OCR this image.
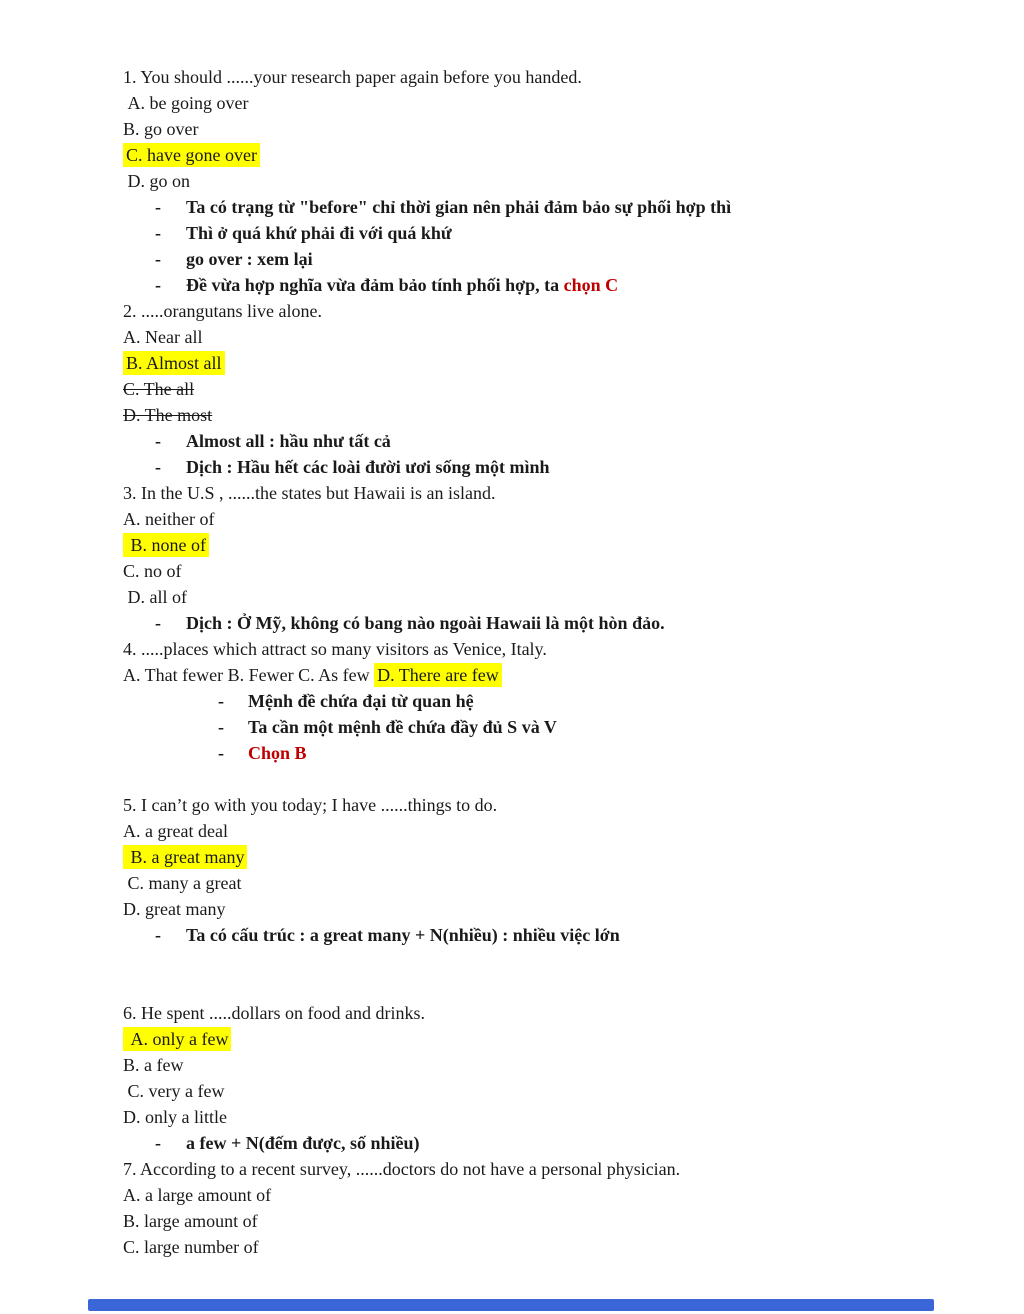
1. You should ......your research paper again before you handed.
A. be going over
B. go over
C. have gone over
D. go on
-	Ta có trạng từ "before" chỉ thời gian nên phải đảm bảo sự phối hợp thì
-	Thì ở quá khứ phải đi với quá khứ
-	go over : xem lại
-	Đề vừa hợp nghĩa vừa đảm bảo tính phối hợp, ta chọn C
2. .....orangutans live alone.
A. Near all
B. Almost all
C. The all
D. The most
-	Almost all : hầu như tất cả
-	Dịch : Hầu hết các loài đười ươi sống một mình
3. In the U.S , ......the states but Hawaii is an island.
A. neither of
B. none of
C. no of
D. all of
-	Dịch : Ở Mỹ, không có bang nào ngoài Hawaii là một hòn đảo.
4. .....places which attract so many visitors as Venice, Italy.
A. That fewer B. Fewer C. As few D. There are few
-	Mệnh đề chứa đại từ quan hệ
-	Ta cần một mệnh đề chứa đầy đủ S và V
-	Chọn B
5. I can’t go with you today; I have ......things to do.
A. a great deal
B. a great many
C. many a great
D. great many
-	Ta có cấu trúc : a great many + N(nhiều) : nhiều việc lớn
6. He spent .....dollars on food and drinks.
A. only a few
B. a few
C. very a few
D. only a little
-	a few + N(đếm được, số nhiều)
7. According to a recent survey, ......doctors do not have a personal physician.
A. a large amount of
B. large amount of
C. large number of
